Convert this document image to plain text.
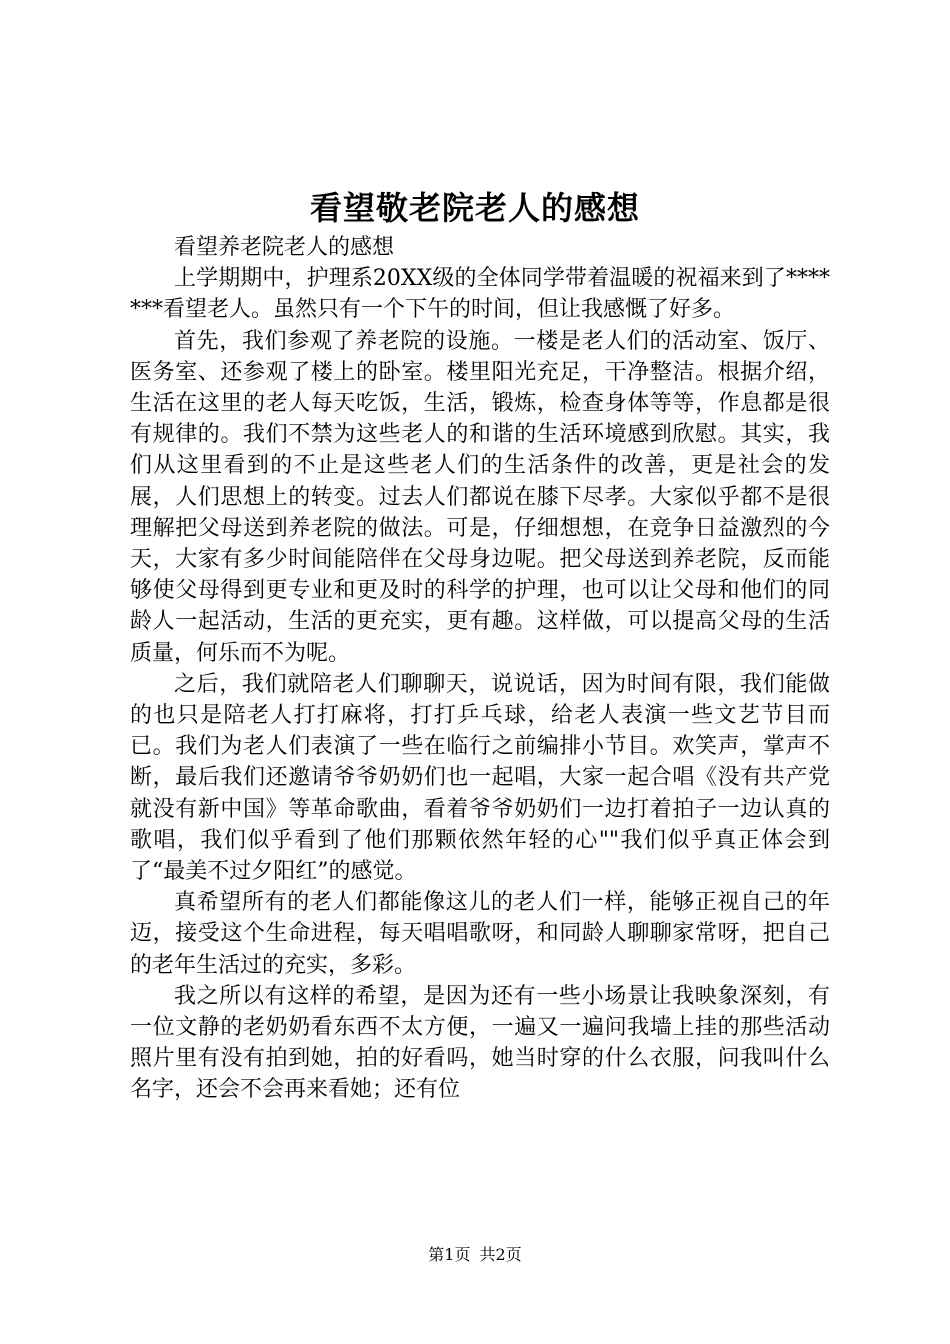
看望敬老院老人的感想

看望养老院老人的感想

上学期期中，护理系20XX级的全体同学带着温暖的祝福来到了*******看望老人。虽然只有一个下午的时间，但让我感慨了好多。

首先，我们参观了养老院的设施。一楼是老人们的活动室、饭厅、医务室、还参观了楼上的卧室。楼里阳光充足，干净整洁。根据介绍，生活在这里的老人每天吃饭，生活，锻炼，检查身体等等，作息都是很有规律的。我们不禁为这些老人的和谐的生活环境感到欣慰。其实，我们从这里看到的不止是这些老人们的生活条件的改善，更是社会的发展，人们思想上的转变。过去人们都说在膝下尽孝。大家似乎都不是很理解把父母送到养老院的做法。可是，仔细想想，在竞争日益激烈的今天，大家有多少时间能陪伴在父母身边呢。把父母送到养老院，反而能够使父母得到更专业和更及时的科学的护理，也可以让父母和他们的同龄人一起活动，生活的更充实，更有趣。这样做，可以提高父母的生活质量，何乐而不为呢。

之后，我们就陪老人们聊聊天，说说话，因为时间有限，我们能做的也只是陪老人打打麻将，打打乒乓球，给老人表演一些文艺节目而已。我们为老人们表演了一些在临行之前编排小节目。欢笑声，掌声不断，最后我们还邀请爷爷奶奶们也一起唱，大家一起合唱《没有共产党就没有新中国》等革命歌曲，看着爷爷奶奶们一边打着拍子一边认真的歌唱，我们似乎看到了他们那颗依然年轻的心""我们似乎真正体会到了“最美不过夕阳红”的感觉。

真希望所有的老人们都能像这儿的老人们一样，能够正视自己的年迈，接受这个生命进程，每天唱唱歌呀，和同龄人聊聊家常呀，把自己的老年生活过的充实，多彩。

我之所以有这样的希望，是因为还有一些小场景让我映象深刻，有一位文静的老奶奶看东西不太方便，一遍又一遍问我墙上挂的那些活动照片里有没有拍到她，拍的好看吗，她当时穿的什么衣服，问我叫什么名字，还会不会再来看她；还有位

第1页 共2页
